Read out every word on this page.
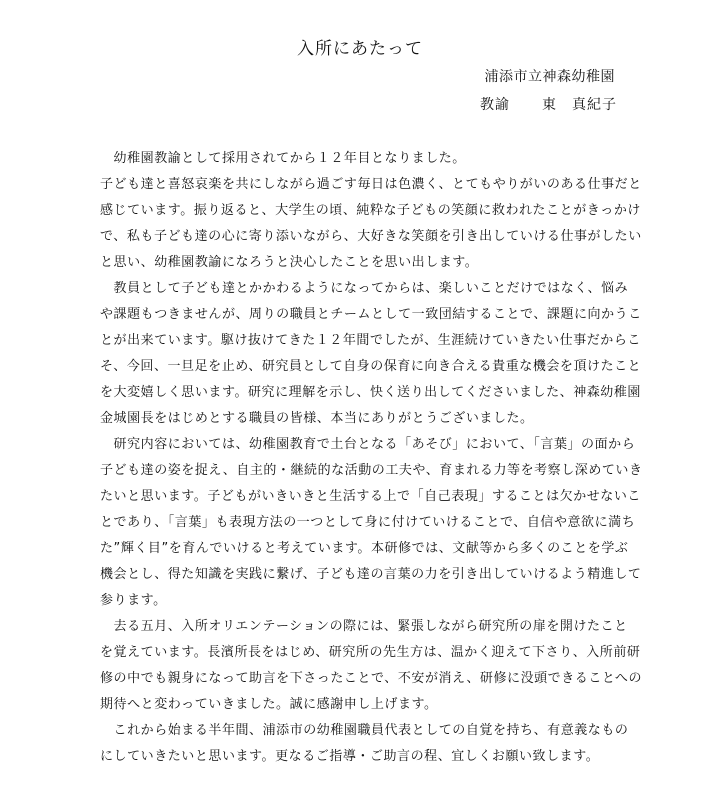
入所にあたって
浦添市立神森幼稚園
教諭 東　真紀子
　幼稚園教諭として採用されてから１２年目となりました。
子ども達と喜怒哀楽を共にしながら過ごす毎日は色濃く、とてもやりがいのある仕事だと
感じています。振り返ると、大学生の頃、純粋な子どもの笑顔に救われたことがきっかけ
で、私も子ども達の心に寄り添いながら、大好きな笑顔を引き出していける仕事がしたい
と思い、幼稚園教諭になろうと決心したことを思い出します。
　教員として子ども達とかかわるようになってからは、楽しいことだけではなく、悩み
や課題もつきませんが、周りの職員とチームとして一致団結することで、課題に向かうこ
とが出来ています。駆け抜けてきた１２年間でしたが、生涯続けていきたい仕事だからこ
そ、今回、一旦足を止め、研究員として自身の保育に向き合える貴重な機会を頂けたこと
を大変嬉しく思います。研究に理解を示し、快く送り出してくださいました、神森幼稚園
金城園長をはじめとする職員の皆様、本当にありがとうございました。
　研究内容においては、幼稚園教育で土台となる「あそび」において、「言葉」の面から
子ども達の姿を捉え、自主的・継続的な活動の工夫や、育まれる力等を考察し深めていき
たいと思います。子どもがいきいきと生活する上で「自己表現」することは欠かせないこ
とであり、「言葉」も表現方法の一つとして身に付けていけることで、自信や意欲に満ち
た”輝く目”を育んでいけると考えています。本研修では、文献等から多くのことを学ぶ
機会とし、得た知識を実践に繋げ、子ども達の言葉の力を引き出していけるよう精進して
参ります。
　去る五月、入所オリエンテーションの際には、緊張しながら研究所の扉を開けたこと
を覚えています。長濱所長をはじめ、研究所の先生方は、温かく迎えて下さり、入所前研
修の中でも親身になって助言を下さったことで、不安が消え、研修に没頭できることへの
期待へと変わっていきました。誠に感謝申し上げます。
　これから始まる半年間、浦添市の幼稚園職員代表としての自覚を持ち、有意義なもの
にしていきたいと思います。更なるご指導・ご助言の程、宜しくお願い致します。
